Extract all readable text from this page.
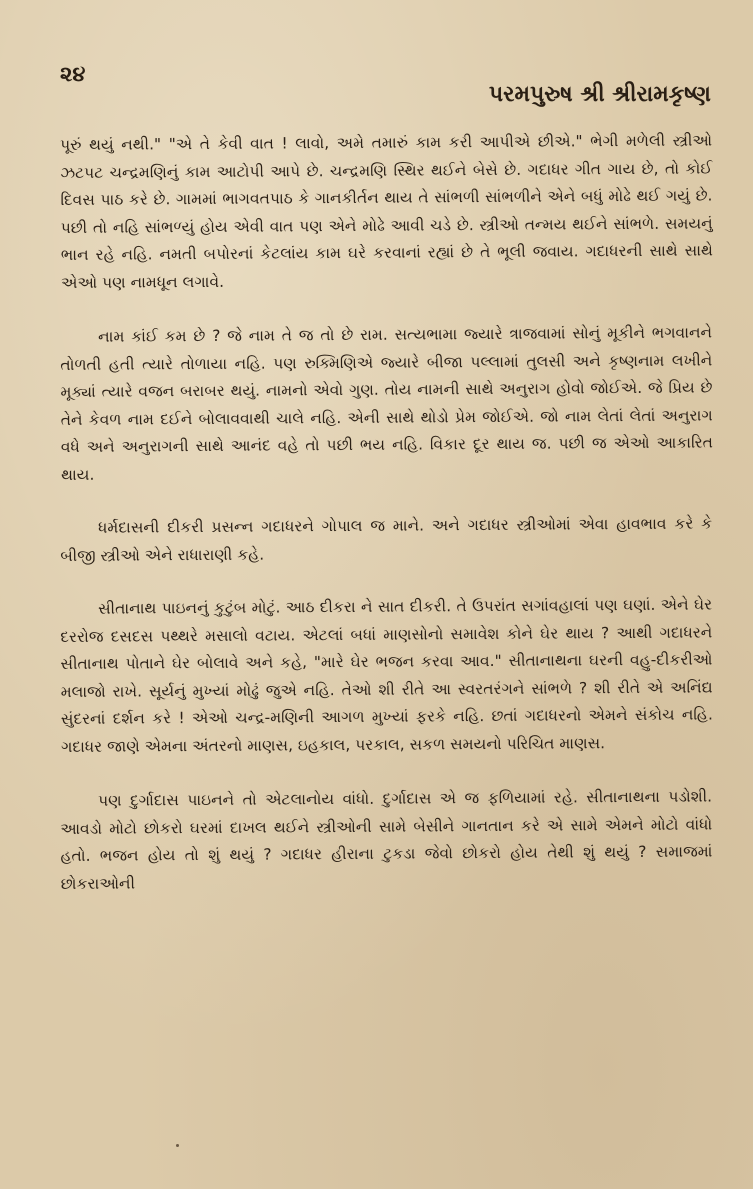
૨૪
પરમપુરુષ શ્રી શ્રીરામકૃષ્ણ

પૂરું થયું નથી." "એ તે કેવી વાત ! લાવો, અમે તમારું કામ કરી આપીએ છીએ." ભેગી મળેલી સ્ત્રીઓ ઝટપટ ચન્દ્રમણિનું કામ આટોપી આપે છે. ચન્દ્રમણિ સ્થિર થઈને બેસે છે. ગદાધર ગીત ગાય છે, તો કોઈ દિવસ પાઠ કરે છે. ગામમાં ભાગવતપાઠ કે ગાનકીર્તન થાય તે સાંભળી સાંભળીને એને બધું મોઢે થઈ ગયું છે. પછી તો નહિ સાંભળ્યું હોય એવી વાત પણ એને મોઢે આવી ચડે છે. સ્ત્રીઓ તન્મય થઈને સાંભળે. સમયનું ભાન રહે નહિ. નમતી બપોરનાં કેટલાંય કામ ઘરે કરવાનાં રહ્યાં છે તે ભૂલી જવાય. ગદાધરની સાથે સાથે એઓ પણ નામધૂન લગાવે.

નામ કાંઈ કમ છે ? જે નામ તે જ તો છે રામ. સત્યભામા જ્યારે ત્રાજવામાં સોનું મૂકીને ભગવાનને તોળતી હતી ત્યારે તોળાયા નહિ. પણ રુક્મિણિએ જ્યારે બીજા પલ્લામાં તુલસી અને કૃષ્ણનામ લખીને મૂક્યાં ત્યારે વજન બરાબર થયું. નામનો એવો ગુણ. તોય નામની સાથે અનુરાગ હોવો જોઈએ. જે પ્રિય છે તેને કેવળ નામ દઈને બોલાવવાથી ચાલે નહિ. એની સાથે થોડો પ્રેમ જોઈએ. જો નામ લેતાં લેતાં અનુરાગ વધે અને અનુરાગની સાથે આનંદ વહે તો પછી ભય નહિ. વિકાર દૂર થાય જ. પછી જ એઓ આકારિત થાય.

ધર્મદાસની દીકરી પ્રસન્ન ગદાધરને ગોપાલ જ માને. અને ગદાધર સ્ત્રીઓમાં એવા હાવભાવ કરે કે બીજી સ્ત્રીઓ એને રાધારાણી કહે.

સીતાનાથ પાઇનનું કુટુંબ મોટું. આઠ દીકરા ને સાત દીકરી. તે ઉપરાંત સગાંવહાલાં પણ ઘણાં. એને ઘેર દરરોજ દસદસ પથ્થરે મસાલો વટાય. એટલાં બધાં માણસોનો સમાવેશ કોને ઘેર થાય ? આથી ગદાધરને સીતાનાથ પોતાને ઘેર બોલાવે અને કહે, "મારે ઘેર ભજન કરવા આવ." સીતાનાથના ઘરની વહુ-દીકરીઓ મલાજો રાખે. સૂર્યનું મુખ્યાં મોઢું જુએ નહિ. તેઓ શી રીતે આ સ્વરતરંગને સાંભળે ? શી રીતે એ અનિંદ્ય સુંદરનાં દર્શન કરે ! એઓ ચન્દ્ર-મણિની આગળ મુખ્યાં ફરકે નહિ. છતાં ગદાધરનો એમને સંકોચ નહિ. ગદાધર જાણે એમના અંતરનો માણસ, ઇહકાલ, પરકાલ, સકળ સમયનો પરિચિત માણસ.

પણ દુર્ગાદાસ પાઇનને તો એટલાનોય વાંધો. દુર્ગાદાસ એ જ ફળિયામાં રહે. સીતાનાથના પડોશી. આવડો મોટો છોકરો ઘરમાં દાખલ થઈને સ્ત્રીઓની સામે બેસીને ગાનતાન કરે એ સામે એમને મોટો વાંધો હતો. ભજન હોય તો શું થયું ? ગદાધર હીરાના ટુકડા જેવો છોકરો હોય તેથી શું થયું ? સમાજમાં છોકરાઓની
